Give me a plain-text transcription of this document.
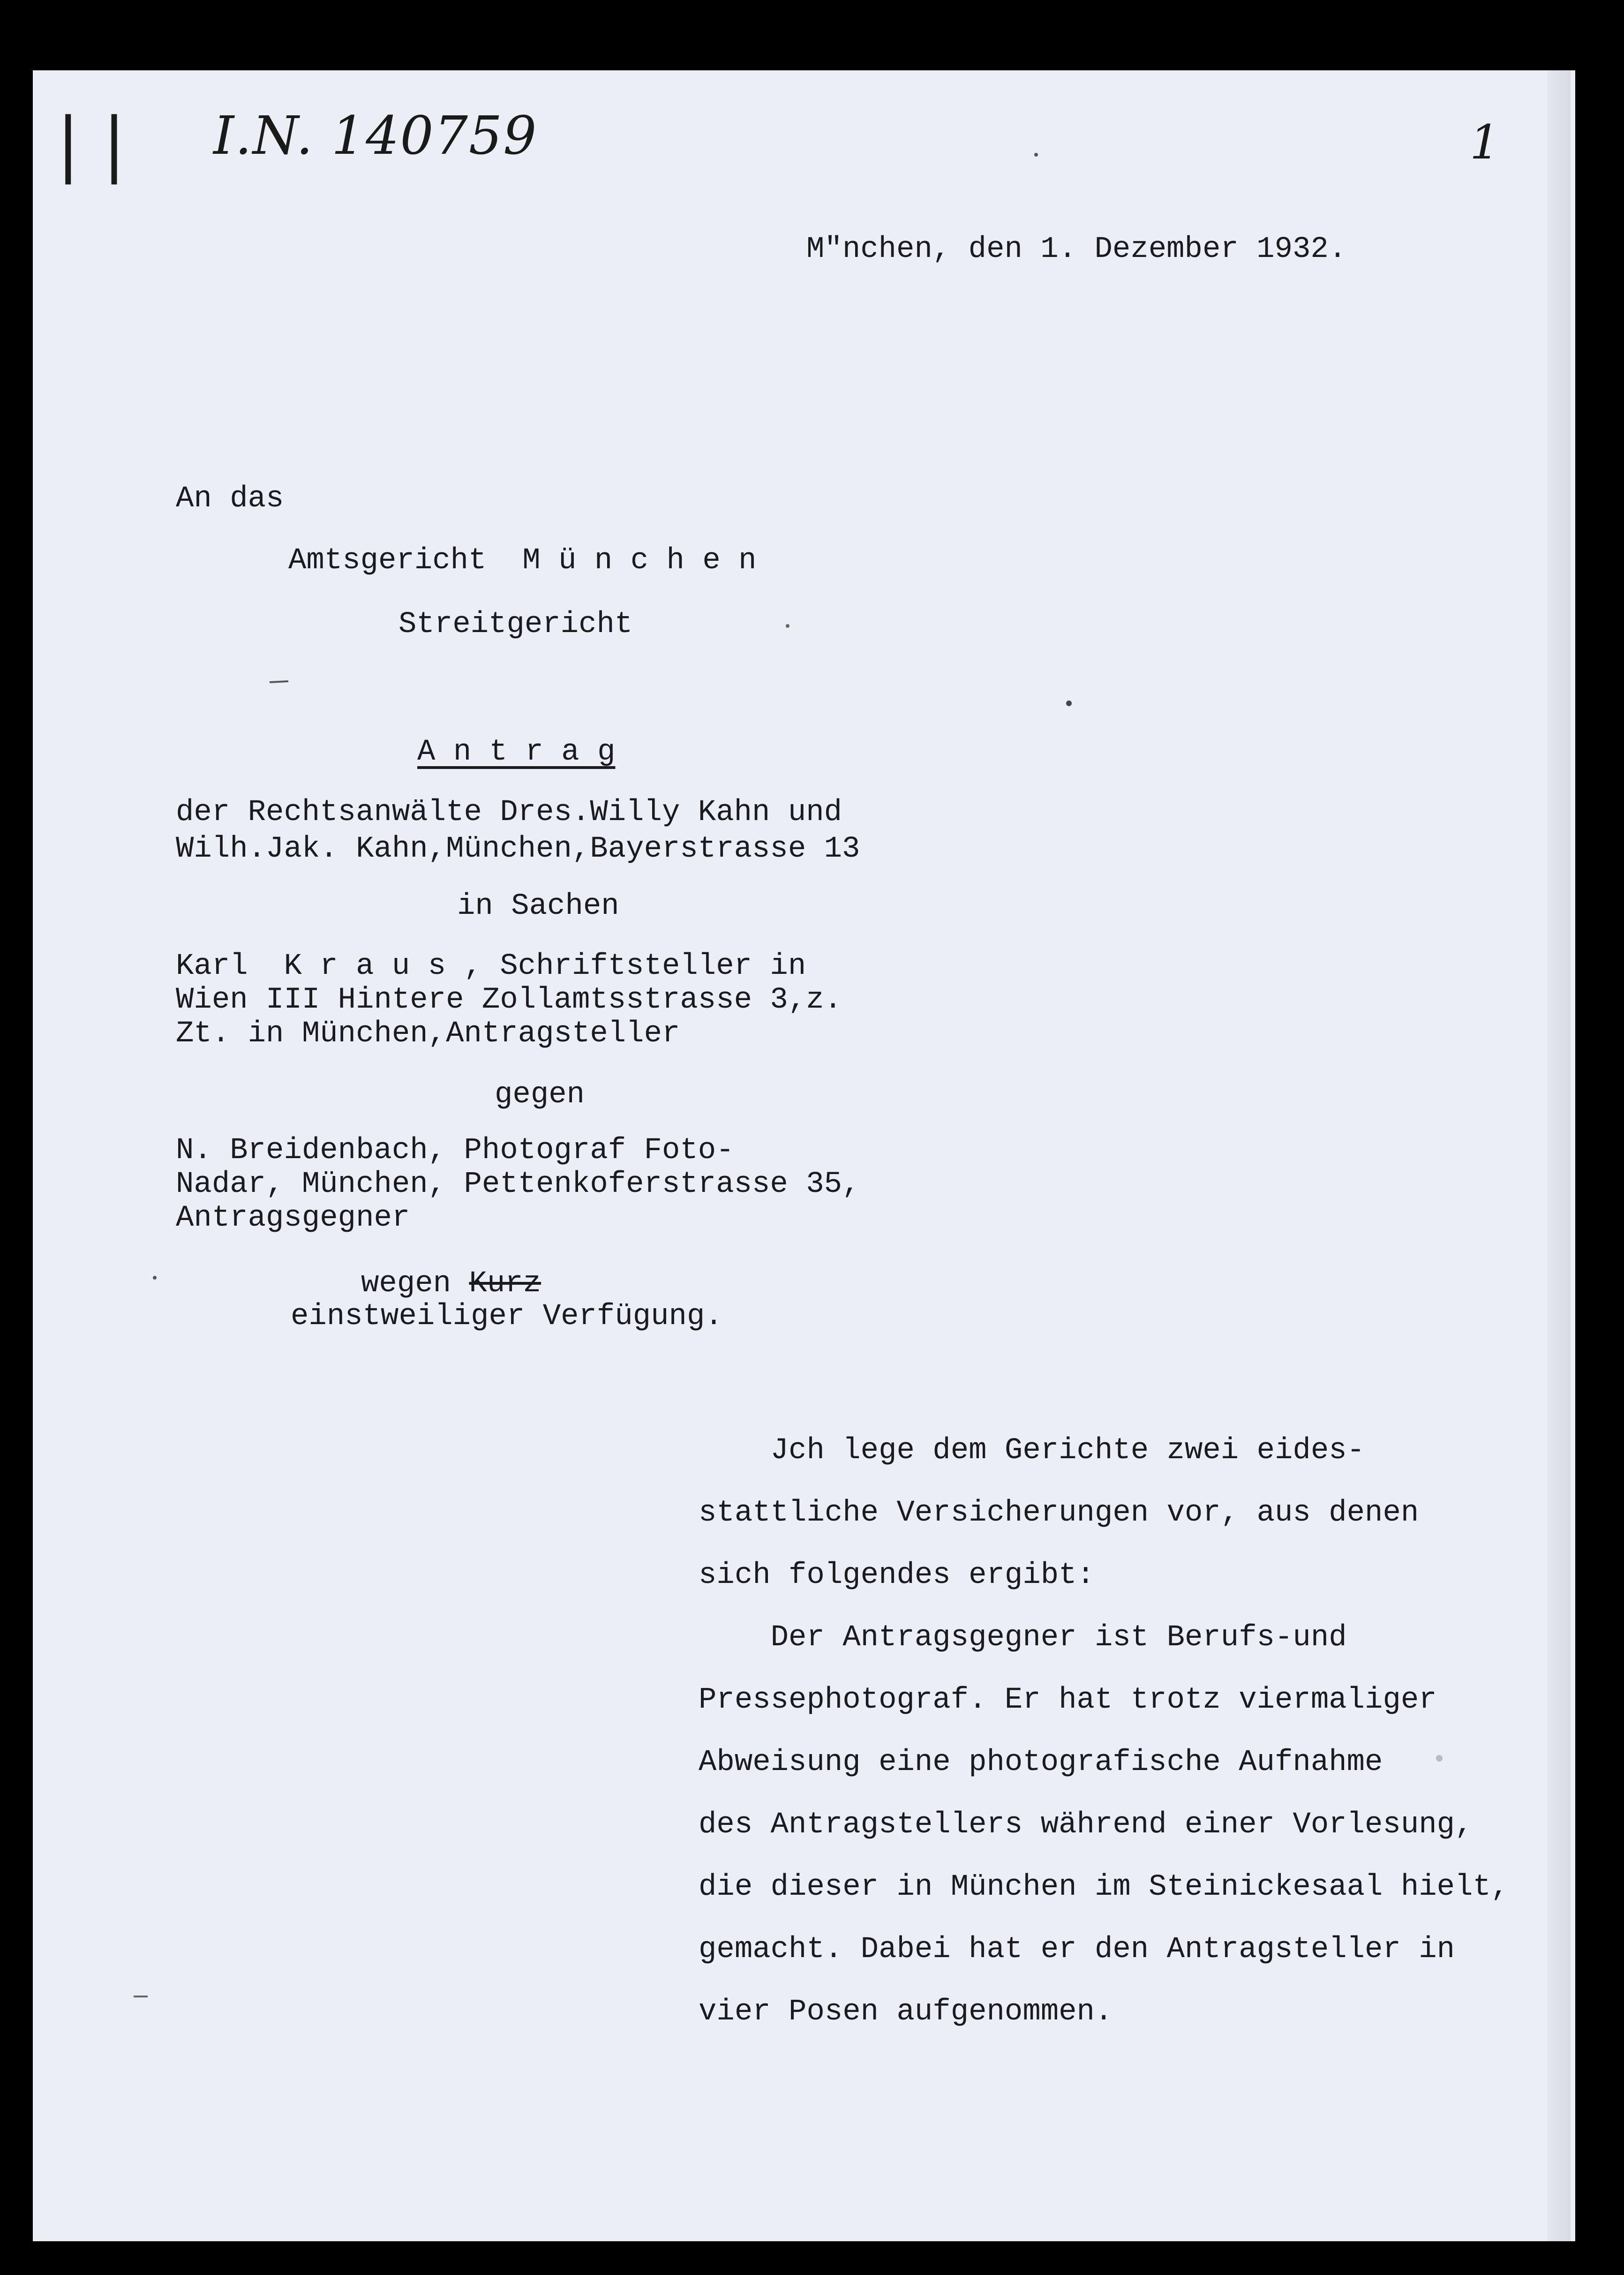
| | I.N. 140759	1
M"nchen, den 1. Dezember 1932.
An das
Amtsgericht  M ü n c h e n
Streitgericht
A n t r a g
der Rechtsanwälte Dres.Willy Kahn und
Wilh.Jak. Kahn,München,Bayerstrasse 13
in Sachen
Karl  K r a u s , Schriftsteller in
Wien III Hintere Zollamtsstrasse 3,z.
Zt. in München,Antragsteller
gegen
N. Breidenbach, Photograf Foto-
Nadar, München, Pettenkoferstrasse 35,
Antragsgegner
wegen Kurz
einstweiliger Verfügung.
Jch lege dem Gerichte zwei eides-
stattliche Versicherungen vor, aus denen
sich folgendes ergibt:
Der Antragsgegner ist Berufs-und
Pressephotograf. Er hat trotz viermaliger
Abweisung eine photografische Aufnahme
des Antragstellers während einer Vorlesung,
die dieser in München im Steinickesaal hielt,
gemacht. Dabei hat er den Antragsteller in
vier Posen aufgenommen.
